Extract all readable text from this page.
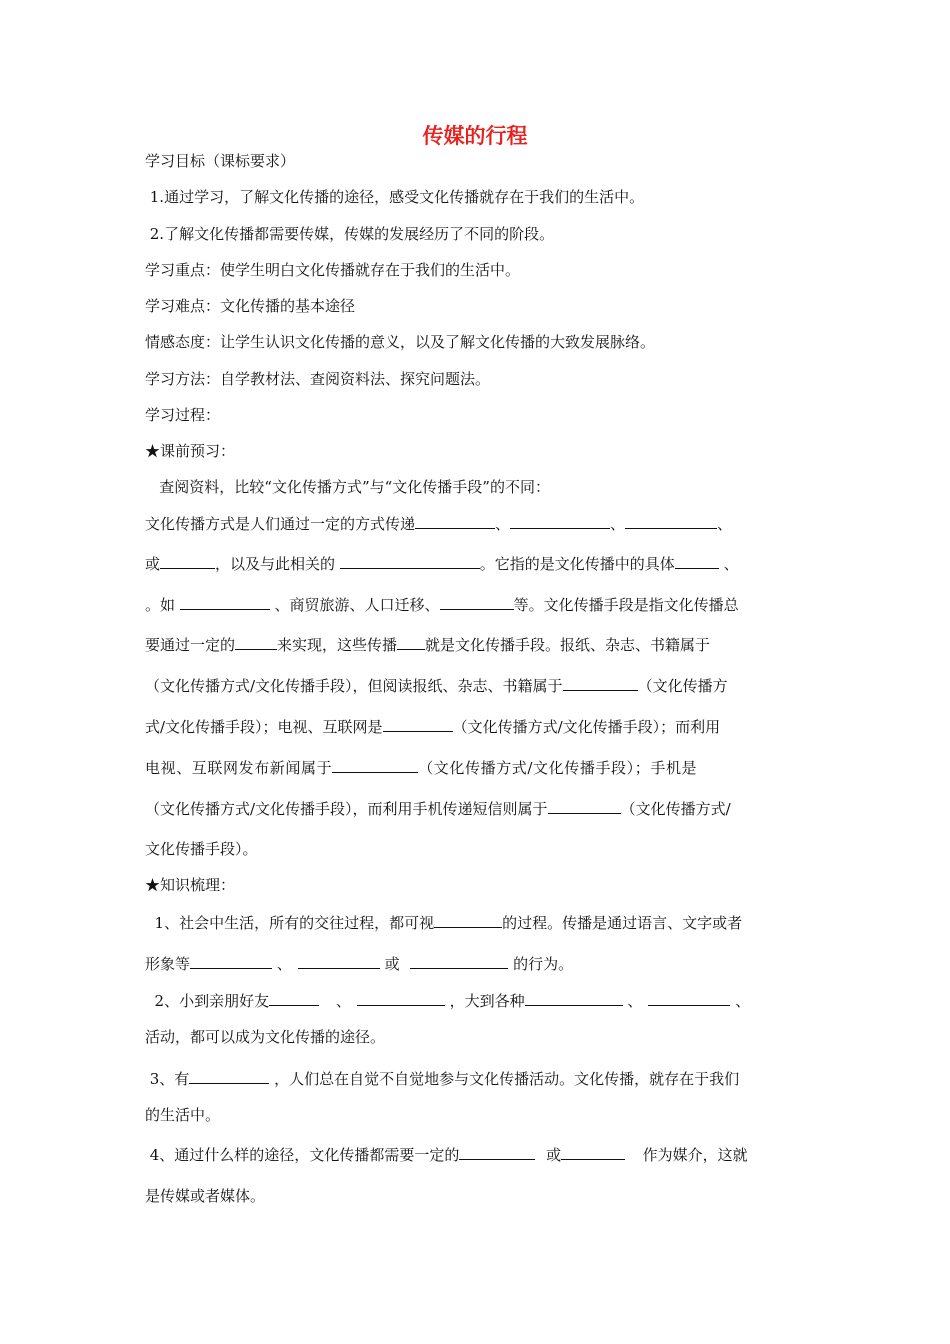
传媒的行程
学习目标（课标要求）
1.通过学习，了解文化传播的途径，感受文化传播就存在于我们的生活中。
2.了解文化传播都需要传媒，传媒的发展经历了不同的阶段。
学习重点：使学生明白文化传播就存在于我们的生活中。
学习难点：文化传播的基本途径
情感态度：让学生认识文化传播的意义，以及了解文化传播的大致发展脉络。
学习方法：自学教材法、查阅资料法、探究问题法。
学习过程：
★课前预习：
查阅资料，比较“文化传播方式”与“文化传播手段”的不同：
文化传播方式是人们通过一定的方式传递	、	、	、
或	，以及与此相关的	。它指的是文化传播中的具体	、
。如	、商贸旅游、人口迁移、	等。文化传播手段是指文化传播总
要通过一定的	来实现，这些传播 就是文化传播手段。报纸、杂志、书籍属于
（文化传播方式/文化传播手段），但阅读报纸、杂志、书籍属于	（文化传播方
式/文化传播手段）；电视、互联网是	（文化传播方式/文化传播手段）；而利用
电视、互联网发布新闻属于	（文化传播方式/文化传播手段）；手机是
（文化传播方式/文化传播手段），而利用手机传递短信则属于	（文化传播方式/
文化传播手段）。
★知识梳理：
1、社会中生活，所有的交往过程，都可视	的过程。传播是通过语言、文字或者
形象等	、	或	的行为。
2、小到亲朋好友	、	，大到各种	、	、
活动，都可以成为文化传播的途径。
3、有	，人们总在自觉不自觉地参与文化传播活动。文化传播，就存在于我们
的生活中。
4、通过什么样的途径，文化传播都需要一定的	或	作为媒介，这就
是传媒或者媒体。
